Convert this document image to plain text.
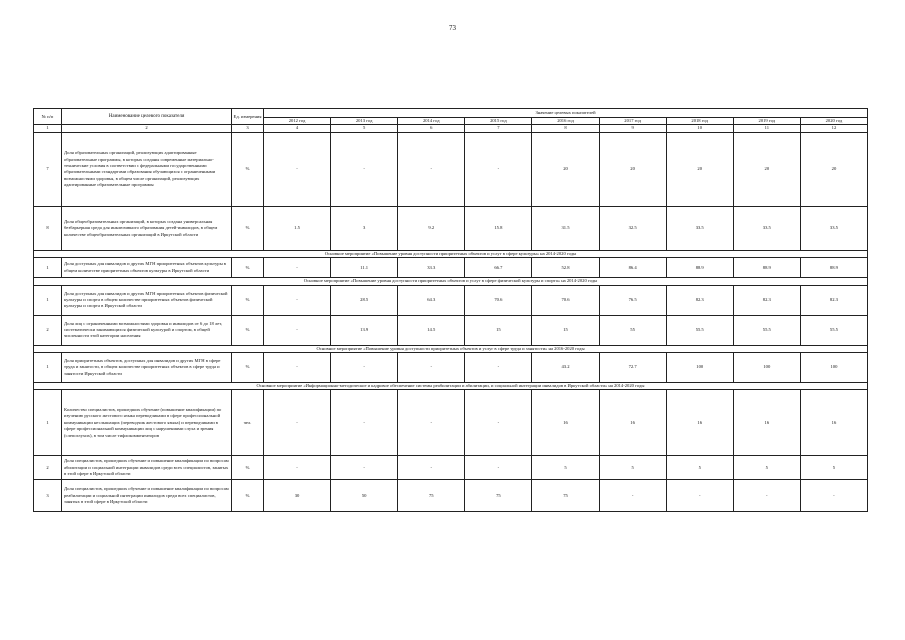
73
№ п/п	Наименование целевого показателя	Ед. измерения	Значение целевых показателей								
			2012 год	2013 год	2014 год	2015 год	2016 год	2017 год	2018 год	2019 год	2020 год
1	2	3	4	5	6	7	8	9	10	11	12
7	Доля образовательных организаций, реализующих адаптированные образовательные программы, в которых созданы современные материально-технические условия в соответствии с федеральными государственными образовательными стандартами образования обучающихся с ограниченными возможностями здоровья, в общем числе организаций, реализующих адаптированные образовательные программы	%	-	-	-	-	20	20	20	20	20
8	Доля общеобразовательных организаций, в которых создана универсальная безбарьерная среда для инклюзивного образования детей-инвалидов, в общем количестве общеобразовательных организаций в Иркутской области	%	1.5	3	9.2	15.8	31.5	32.5	33.5	33.5	33.5
Основное мероприятие «Повышение уровня доступности приоритетных объектов и услуг в сфере культуры» на 2014-2020 годы											
1	Доля доступных для инвалидов и других МГН приоритетных объектов культуры в общем количестве приоритетных объектов культуры в Иркутской области	%	-	11.1	33.3	66.7	52.8	86.4	88.9	88.9	88.9
Основное мероприятие «Повышение уровня доступности приоритетных объектов и услуг в сфере физической культуры и спорта» на 2014-2020 годы											
1	Доля доступных для инвалидов и других МГН приоритетных объектов физической культуры и спорта в общем количестве приоритетных объектов физической культуры и спорта в Иркутской области	%	-	28.5	64.3	70.6	70.6	76.5	82.3	82.3	82.3
2	Доля лиц с ограниченными возможностями здоровья и инвалидов от 6 до 18 лет, систематически занимающихся физической культурой и спортом, в общей численности этой категории населения	%	-	13.9	14.5	15	15	55	55.5	55.5	55.5
Основное мероприятие «Повышение уровня доступности приоритетных объектов и услуг в сфере труда и занятости» на 2016-2020 годы											
1	Доля приоритетных объектов, доступных для инвалидов и других МГН в сфере труда и занятости, в общем количестве приоритетных объектов в сфере труда и занятости Иркутской области	%	-	-	-	-	43.2	72.7	100	100	100
Основное мероприятие «Информационно-методическое и кадровое обеспечение системы реабилитации и абилитации, и социальной интеграции инвалидов в Иркутской области» на 2014-2020 годы											
1	Количество специалистов, прошедших обучение (повышение квалификации) по изучению русского жестового языка переводчиками в сфере профессиональной коммуникации неслышащих (переводчик жестового языка) и переводчиками в сфере профессиональной коммуникации лиц с нарушениями слуха и зрения (слепоглухих), в том числе тифлокомментаторов	чел.	-	-	-	-	16	16	16	16	16
2	Доля специалистов, прошедших обучение и повышение квалификации по вопросам абилитации и социальной интеграции инвалидов среди всех специалистов, занятых в этой сфере в Иркутской области	%	-	-	-	-	5	5	5	5	5
3	Доля специалистов, прошедших обучение и повышение квалификации по вопросам реабилитации и социальной интеграции инвалидов среди всех специалистов, занятых в этой сфере в Иркутской области	%	30	50	75	75	75	-	-	-	-
